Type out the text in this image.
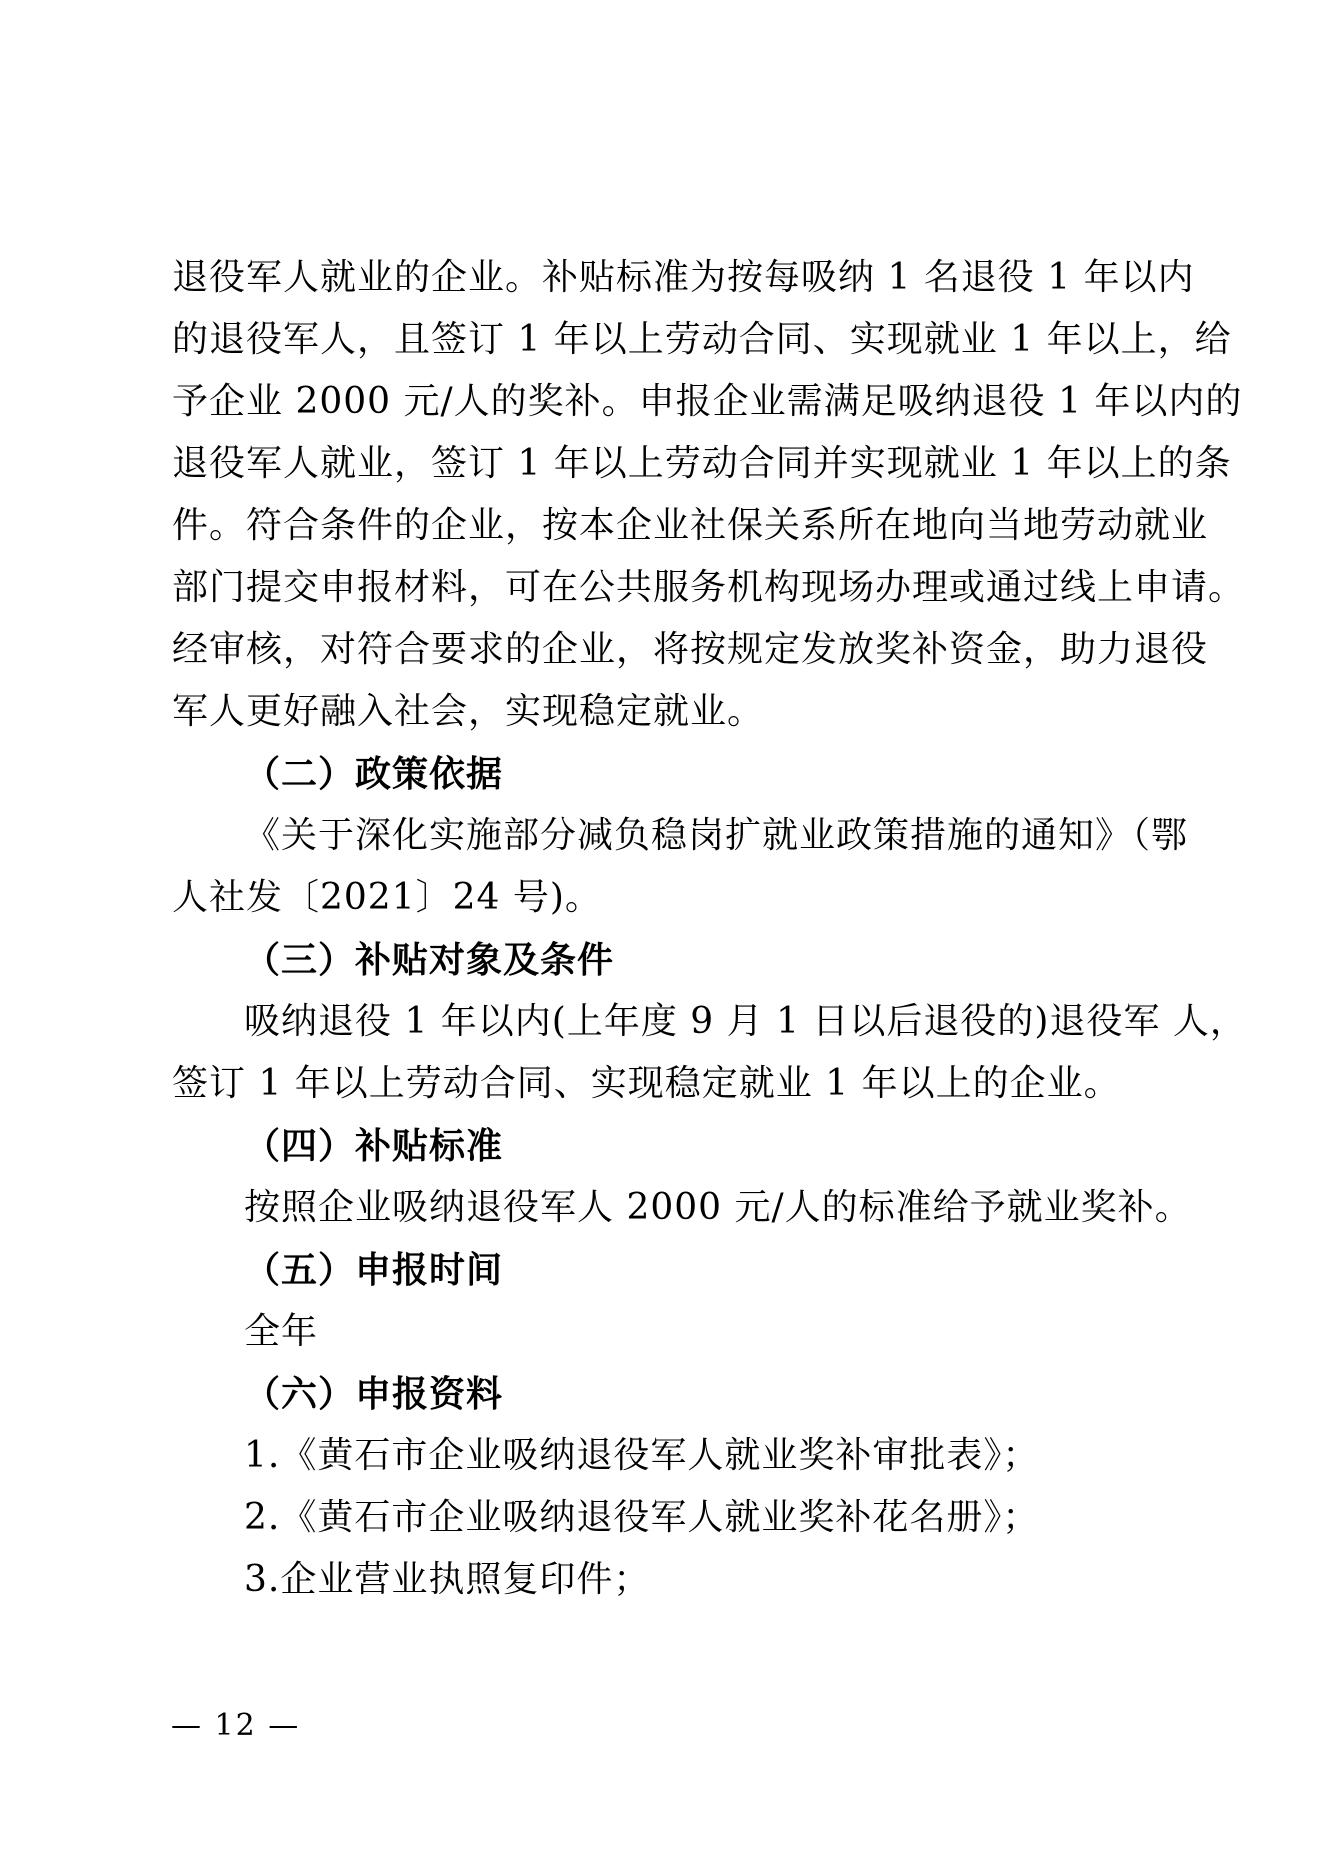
退役军人就业的企业。补贴标准为按每吸纳 1 名退役 1 年以内
的退役军人，且签订 1 年以上劳动合同、实现就业 1 年以上，给
予企业 2000 元/人的奖补。申报企业需满足吸纳退役 1 年以内的
退役军人就业，签订 1 年以上劳动合同并实现就业 1 年以上的条
件。符合条件的企业，按本企业社保关系所在地向当地劳动就业
部门提交申报材料，可在公共服务机构现场办理或通过线上申请。
经审核，对符合要求的企业，将按规定发放奖补资金，助力退役
军人更好融入社会，实现稳定就业。
（二）政策依据
《关于深化实施部分减负稳岗扩就业政策措施的通知》（鄂
人社发〔2021〕24 号)。
（三）补贴对象及条件
吸纳退役 1 年以内(上年度 9 月 1 日以后退役的)退役军 人，
签订 1 年以上劳动合同、实现稳定就业 1 年以上的企业。
（四）补贴标准
按照企业吸纳退役军人 2000 元/人的标准给予就业奖补。
（五）申报时间
全年
（六）申报资料
1.《黄石市企业吸纳退役军人就业奖补审批表》；
2.《黄石市企业吸纳退役军人就业奖补花名册》；
3.企业营业执照复印件；
— 12 —
